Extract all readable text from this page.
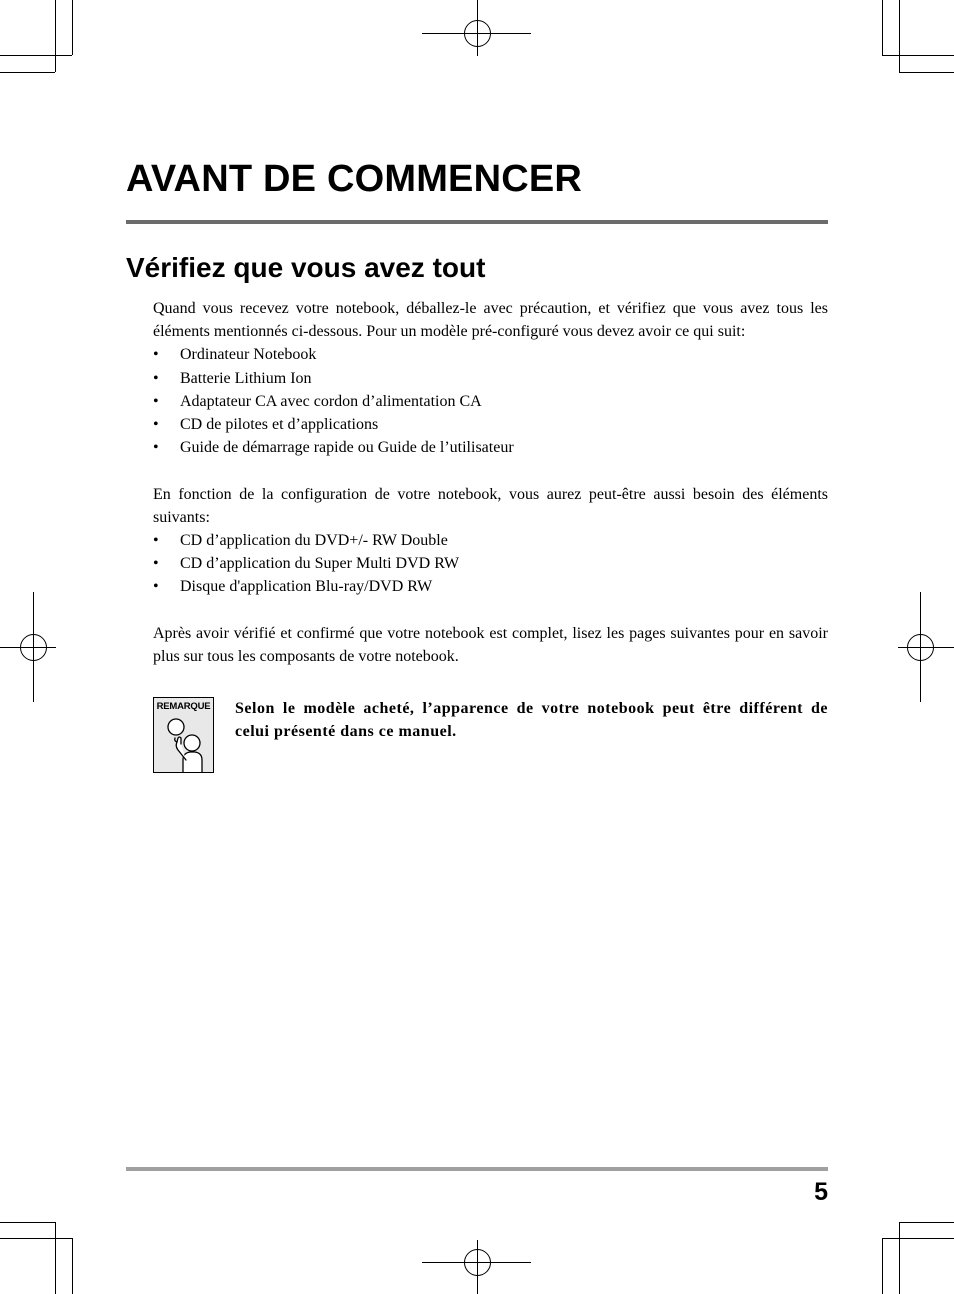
AVANT DE COMMENCER
Vérifiez que vous avez tout

Quand vous recevez votre notebook, déballez-le avec précaution, et vérifiez que vous avez tous les éléments mentionnés ci-dessous. Pour un modèle pré-configuré vous devez avoir ce qui suit:

• Ordinateur Notebook
• Batterie Lithium Ion
• Adaptateur CA avec cordon d’alimentation CA
• CD de pilotes et d’applications
• Guide de démarrage rapide ou Guide de l’utilisateur

En fonction de la configuration de votre notebook, vous aurez peut-être aussi besoin des éléments suivants:

• CD d’application du DVD+/- RW Double
• CD d’application du Super Multi DVD RW
• Disque d'application Blu-ray/DVD RW

Après avoir vérifié et confirmé que votre notebook est complet, lisez les pages suivantes pour en savoir plus sur tous les composants de votre notebook.

REMARQUE Selon le modèle acheté, l’apparence de votre notebook peut être différent de celui présenté dans ce manuel.

5
